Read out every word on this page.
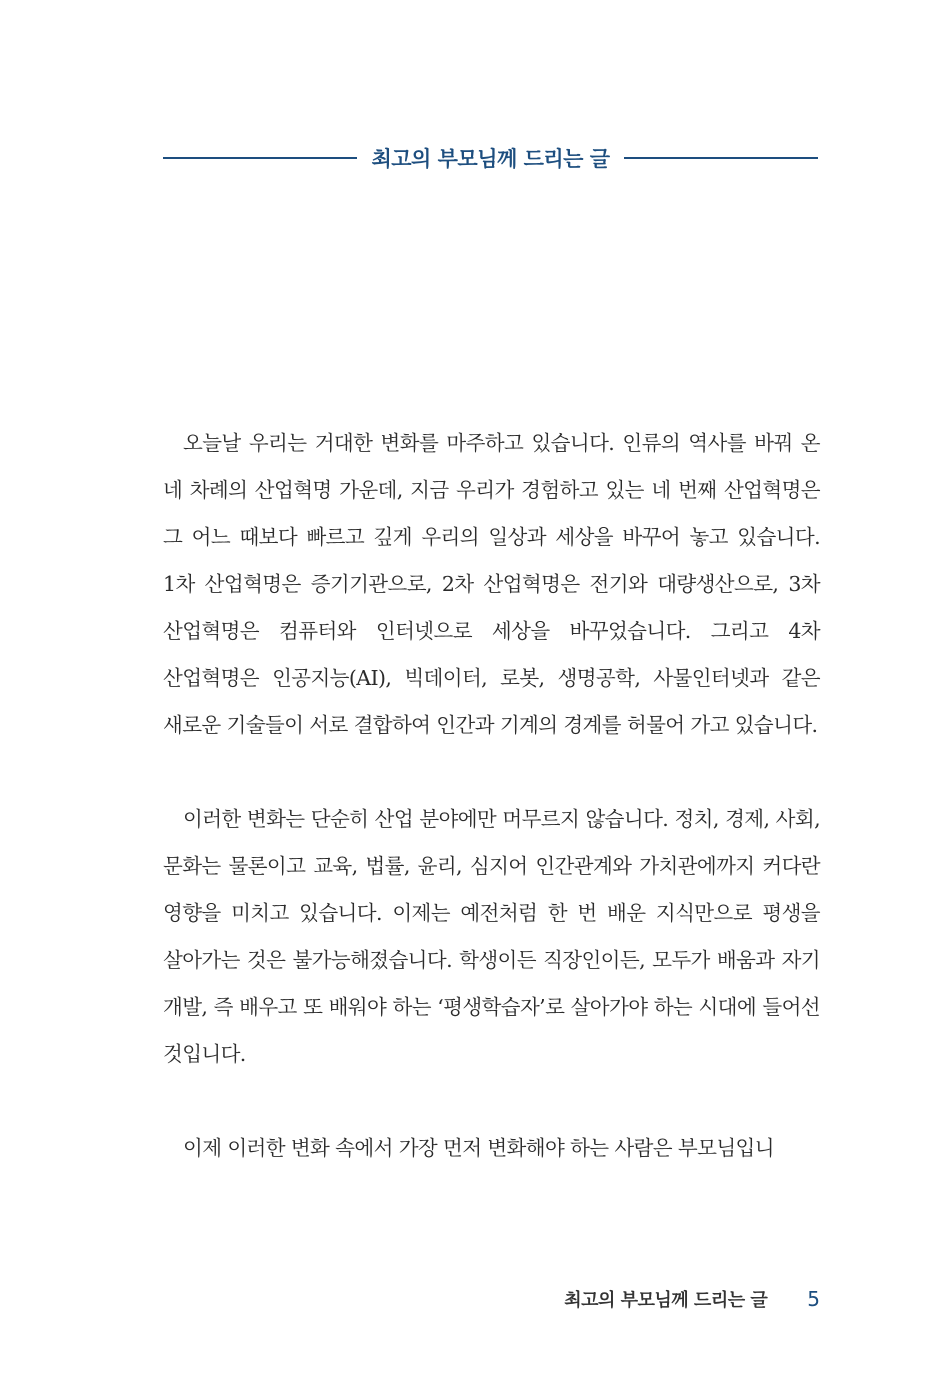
최고의 부모님께 드리는 글

오늘날 우리는 거대한 변화를 마주하고 있습니다. 인류의 역사를 바꿔 온 네 차례의 산업혁명 가운데, 지금 우리가 경험하고 있는 네 번째 산업혁명은 그 어느 때보다 빠르고 깊게 우리의 일상과 세상을 바꾸어 놓고 있습니다. 1차 산업혁명은 증기기관으로, 2차 산업혁명은 전기와 대량생산으로, 3차 산업혁명은 컴퓨터와 인터넷으로 세상을 바꾸었습니다. 그리고 4차 산업혁명은 인공지능(AI), 빅데이터, 로봇, 생명공학, 사물인터넷과 같은 새로운 기술들이 서로 결합하여 인간과 기계의 경계를 허물어 가고 있습니다.

이러한 변화는 단순히 산업 분야에만 머무르지 않습니다. 정치, 경제, 사회, 문화는 물론이고 교육, 법률, 윤리, 심지어 인간관계와 가치관에까지 커다란 영향을 미치고 있습니다. 이제는 예전처럼 한 번 배운 지식만으로 평생을 살아가는 것은 불가능해졌습니다. 학생이든 직장인이든, 모두가 배움과 자기 개발, 즉 배우고 또 배워야 하는 ‘평생학습자’로 살아가야 하는 시대에 들어선 것입니다.

이제 이러한 변화 속에서 가장 먼저 변화해야 하는 사람은 부모님입니

최고의 부모님께 드리는 글 5
